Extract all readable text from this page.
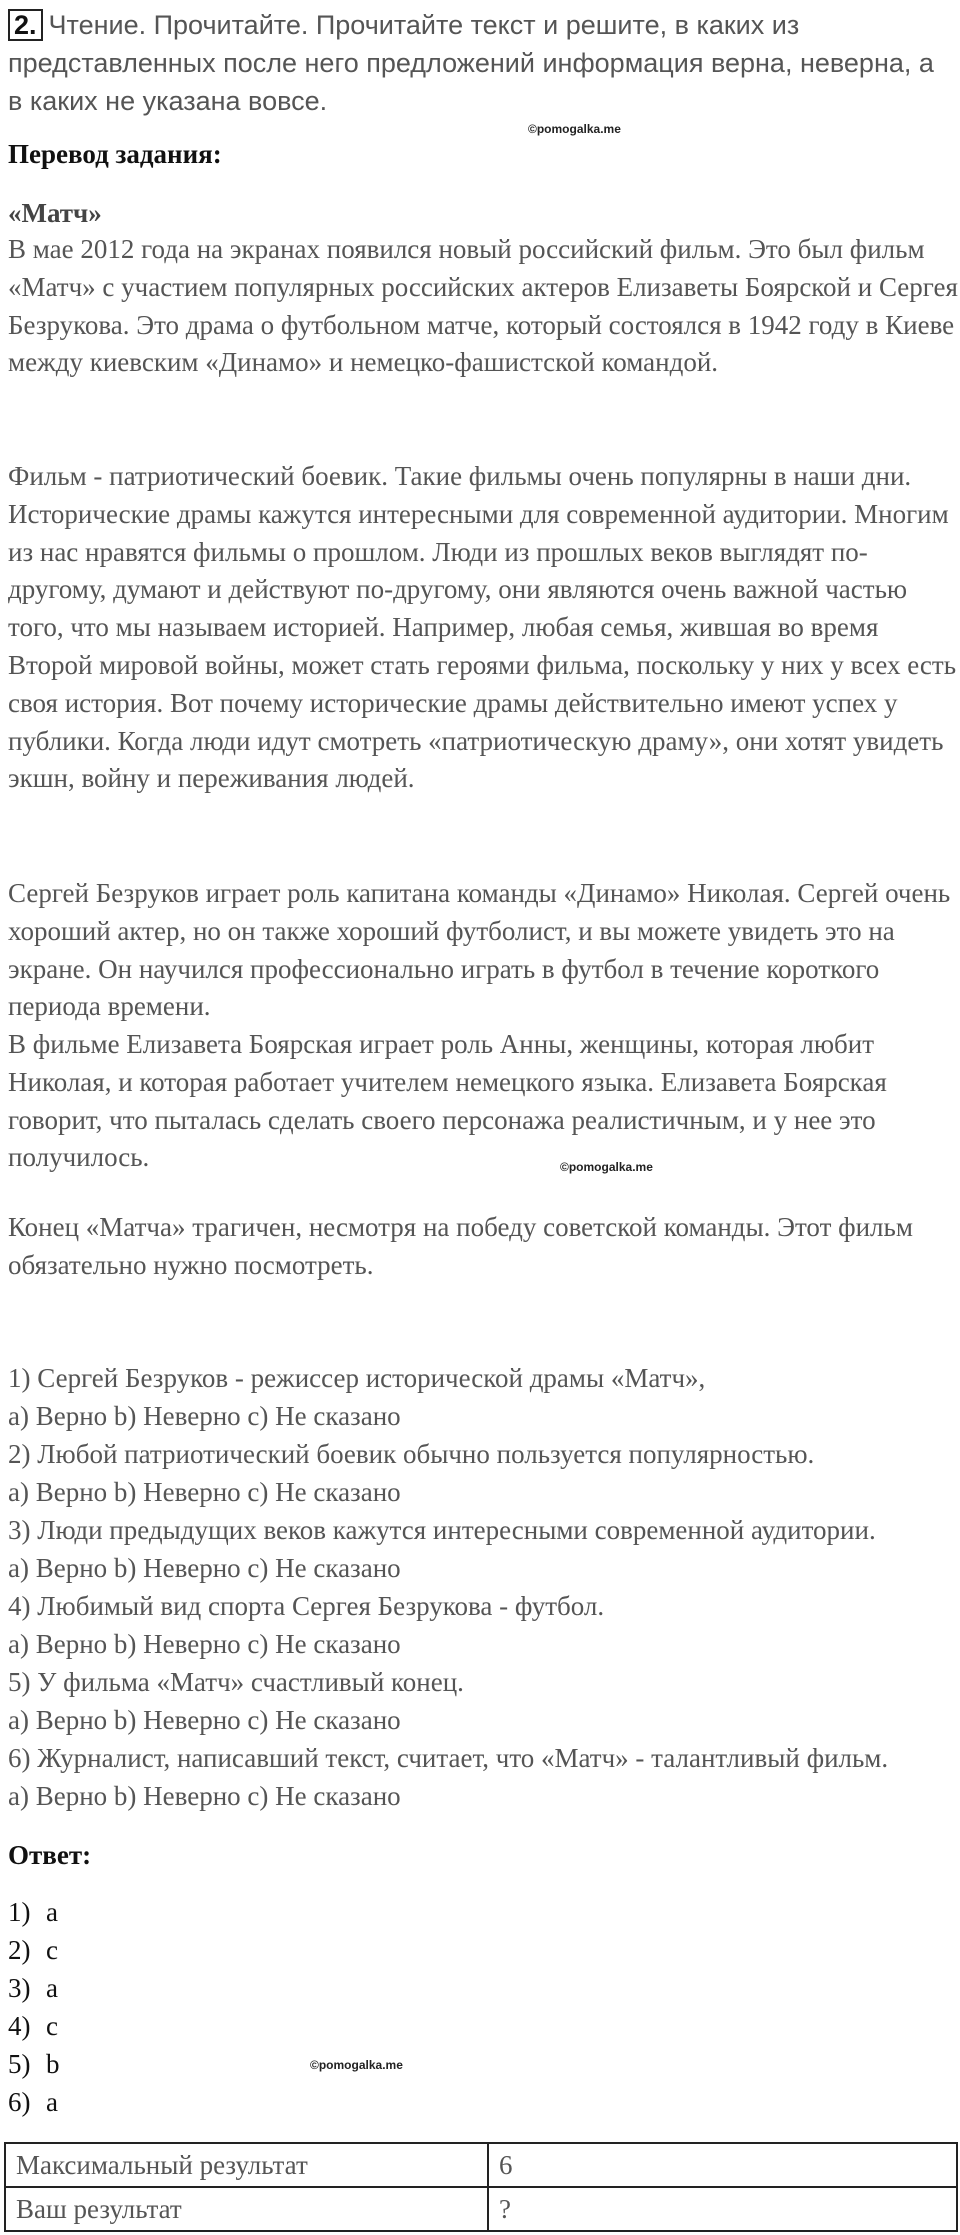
2. Чтение. Прочитайте. Прочитайте текст и решите, в каких из представленных после него предложений информация верна, неверна, а в каких не указана вовсе.
©pomogalka.me
Перевод задания:
«Матч»
В мае 2012 года на экранах появился новый российский фильм. Это был фильм «Матч» с участием популярных российских актеров Елизаветы Боярской и Сергея Безрукова. Это драма о футбольном матче, который состоялся в 1942 году в Киеве между киевским «Динамо» и немецко-фашистской командой.
Фильм - патриотический боевик. Такие фильмы очень популярны в наши дни. Исторические драмы кажутся интересными для современной аудитории. Многим из нас нравятся фильмы о прошлом. Люди из прошлых веков выглядят по-другому, думают и действуют по-другому, они являются очень важной частью того, что мы называем историей. Например, любая семья, жившая во время Второй мировой войны, может стать героями фильма, поскольку у них у всех есть своя история. Вот почему исторические драмы действительно имеют успех у публики. Когда люди идут смотреть «патриотическую драму», они хотят увидеть экшн, войну и переживания людей.
Сергей Безруков играет роль капитана команды «Динамо» Николая. Сергей очень хороший актер, но он также хороший футболист, и вы можете увидеть это на экране. Он научился профессионально играть в футбол в течение короткого периода времени.
В фильме Елизавета Боярская играет роль Анны, женщины, которая любит Николая, и которая работает учителем немецкого языка. Елизавета Боярская говорит, что пыталась сделать своего персонажа реалистичным, и у нее это получилось.	©pomogalka.me
Конец «Матча» трагичен, несмотря на победу советской команды. Этот фильм обязательно нужно посмотреть.
1) Сергей Безруков - режиссер исторической драмы «Матч»,
a) Верно b) Неверно c) Не сказано
2) Любой патриотический боевик обычно пользуется популярностью.
a) Верно b) Неверно c) Не сказано
3) Люди предыдущих веков кажутся интересными современной аудитории.
a) Верно b) Неверно c) Не сказано
4) Любимый вид спорта Сергея Безрукова - футбол.
a) Верно b) Неверно c) Не сказано
5) У фильма «Матч» счастливый конец.
a) Верно b) Неверно c) Не сказано
6) Журналист, написавший текст, считает, что «Матч» - талантливый фильм.
a) Верно b) Неверно c) Не сказано
Ответ:
1) a
2) c
3) a
4) c
5) b
6) a
©pomogalka.me
Максимальный результат	6
Ваш результат	?
